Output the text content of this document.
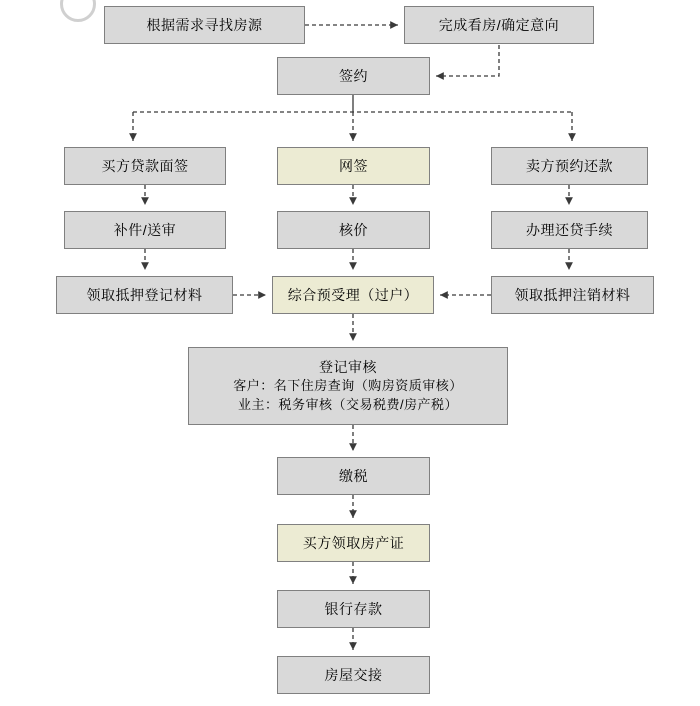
根据需求寻找房源	完成看房/确定意向
签约
买方贷款面签	网签	卖方预约还款
补件/送审	核价	办理还贷手续
领取抵押登记材料	综合预受理（过户）	领取抵押注销材料
登记审核
客户：名下住房查询（购房资质审核）
业主：税务审核（交易税费/房产税）
缴税
买方领取房产证
银行存款
房屋交接
